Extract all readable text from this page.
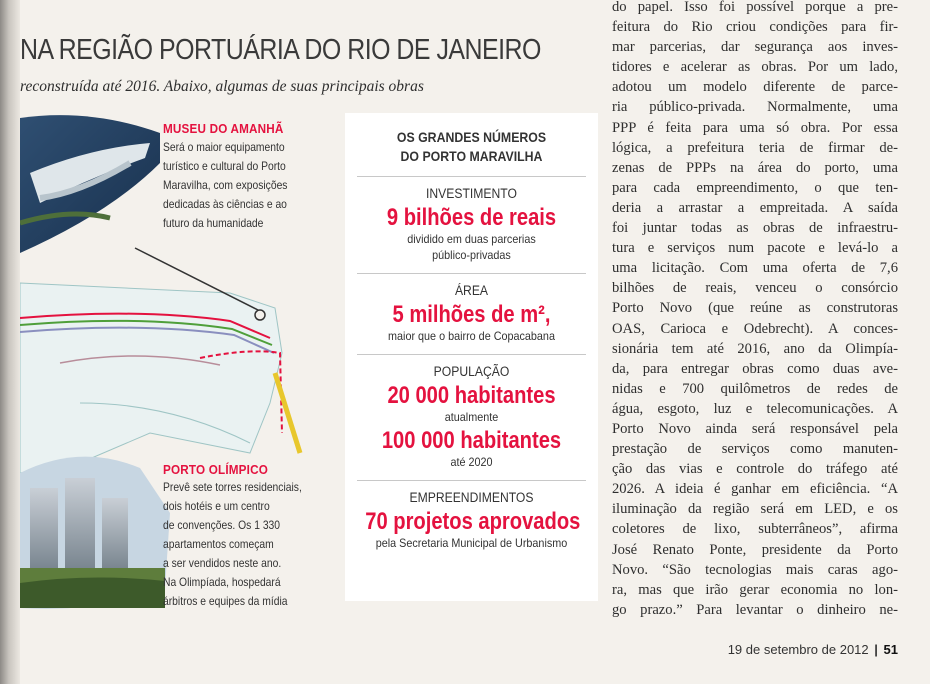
NA REGIÃO PORTUÁRIA DO RIO DE JANEIRO

reconstruída até 2016. Abaixo, algumas de suas principais obras

MUSEU DO AMANHÃ
Será o maior equipamento
turístico e cultural do Porto
Maravilha, com exposições
dedicadas às ciências e ao
futuro da humanidade
PORTO OLÍMPICO
Prevê sete torres residenciais,
dois hotéis e um centro
de convenções. Os 1 330
apartamentos começam
a ser vendidos neste ano.
Na Olimpíada, hospedará
árbitros e equipes da mídia
OS GRANDES NÚMEROS
DO PORTO MARAVILHA
INVESTIMENTO
9 bilhões de reais
dividido em duas parcerias
público-privadas
ÁREA
5 milhões de m²,
maior que o bairro de Copacabana
POPULAÇÃO
20 000 habitantes
atualmente
100 000 habitantes
até 2020
EMPREENDIMENTOS
70 projetos aprovados
pela Secretaria Municipal de Urbanismo
do papel. Isso foi possível porque a pre-
feitura do Rio criou condições para fir-
mar parcerias, dar segurança aos inves-
tidores e acelerar as obras. Por um lado,
adotou um modelo diferente de parce-
ria público-privada. Normalmente, uma
PPP é feita para uma só obra. Por essa
lógica, a prefeitura teria de firmar de-
zenas de PPPs na área do porto, uma
para cada empreendimento, o que ten-
deria a arrastar a empreitada. A saída
foi juntar todas as obras de infraestru-
tura e serviços num pacote e levá-lo a
uma licitação. Com uma oferta de 7,6
bilhões de reais, venceu o consórcio
Porto Novo (que reúne as construtoras
OAS, Carioca e Odebrecht). A conces-
sionária tem até 2016, ano da Olimpía-
da, para entregar obras como duas ave-
nidas e 700 quilômetros de redes de
água, esgoto, luz e telecomunicações. A
Porto Novo ainda será responsável pela
prestação de serviços como manuten-
ção das vias e controle do tráfego até
2026. A ideia é ganhar em eficiência. “A
iluminação da região será em LED, e os
coletores de lixo, subterrâneos”, afirma
José Renato Ponte, presidente da Porto
Novo. “São tecnologias mais caras ago-
ra, mas que irão gerar economia no lon-
go prazo.” Para levantar o dinheiro ne-
19 de setembro de 2012 | 51
